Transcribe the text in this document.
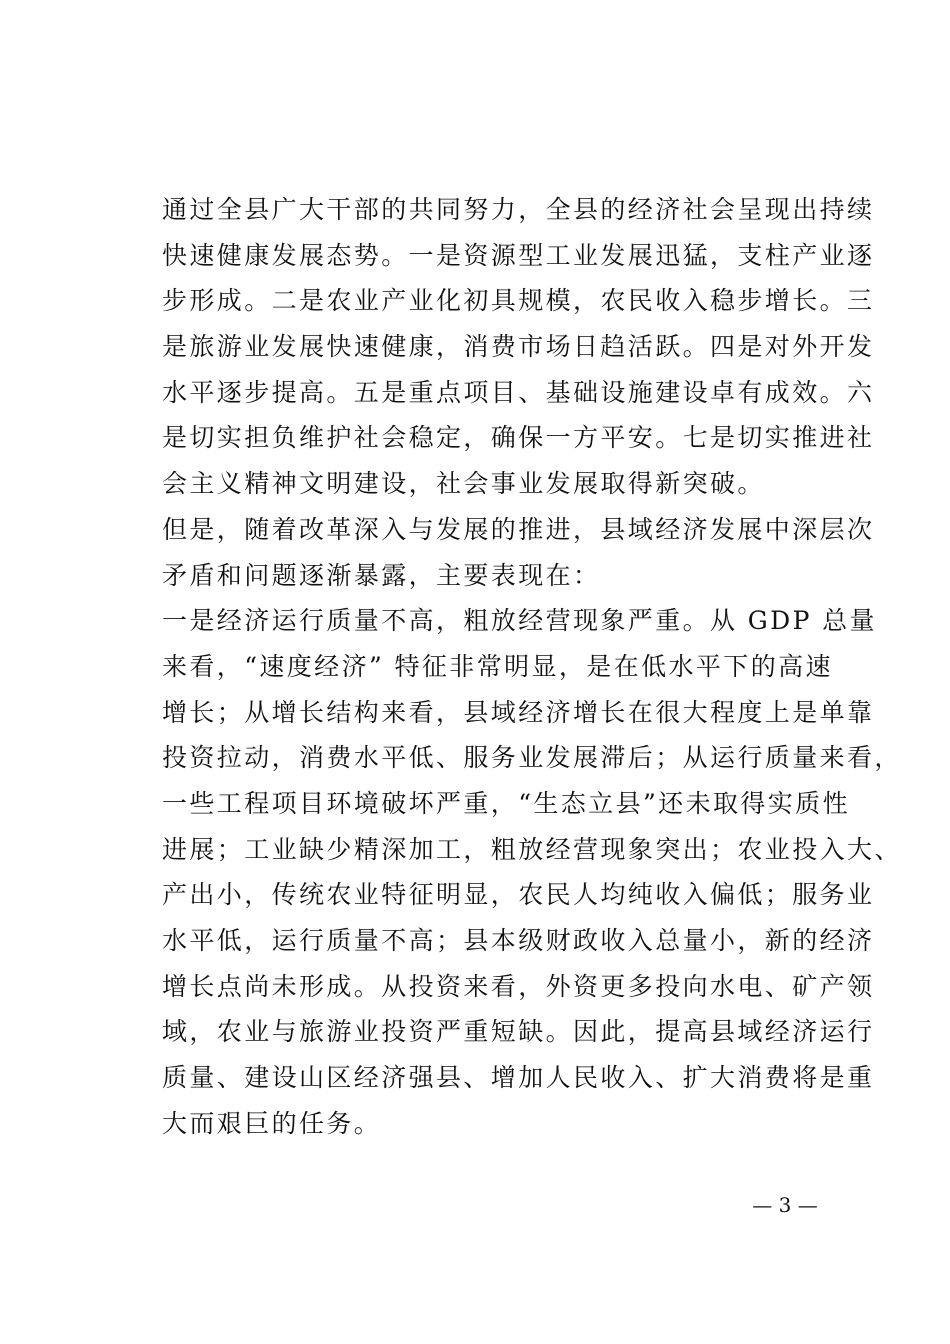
通过全县广大干部的共同努力，全县的经济社会呈现出持续
快速健康发展态势。一是资源型工业发展迅猛，支柱产业逐
步形成。二是农业产业化初具规模，农民收入稳步增长。三
是旅游业发展快速健康，消费市场日趋活跃。四是对外开发
水平逐步提高。五是重点项目、基础设施建设卓有成效。六
是切实担负维护社会稳定，确保一方平安。七是切实推进社
会主义精神文明建设，社会事业发展取得新突破。
但是，随着改革深入与发展的推进，县域经济发展中深层次
矛盾和问题逐渐暴露，主要表现在：
一是经济运行质量不高，粗放经营现象严重。从 GDP 总量
来看，“速度经济” 特征非常明显，是在低水平下的高速
增长；从增长结构来看，县域经济增长在很大程度上是单靠
投资拉动，消费水平低、服务业发展滞后；从运行质量来看，
一些工程项目环境破坏严重，“生态立县”还未取得实质性
进展；工业缺少精深加工，粗放经营现象突出；农业投入大、
产出小，传统农业特征明显，农民人均纯收入偏低；服务业
水平低，运行质量不高；县本级财政收入总量小，新的经济
增长点尚未形成。从投资来看，外资更多投向水电、矿产领
域，农业与旅游业投资严重短缺。因此，提高县域经济运行
质量、建设山区经济强县、增加人民收入、扩大消费将是重
大而艰巨的任务。
— 3 —
